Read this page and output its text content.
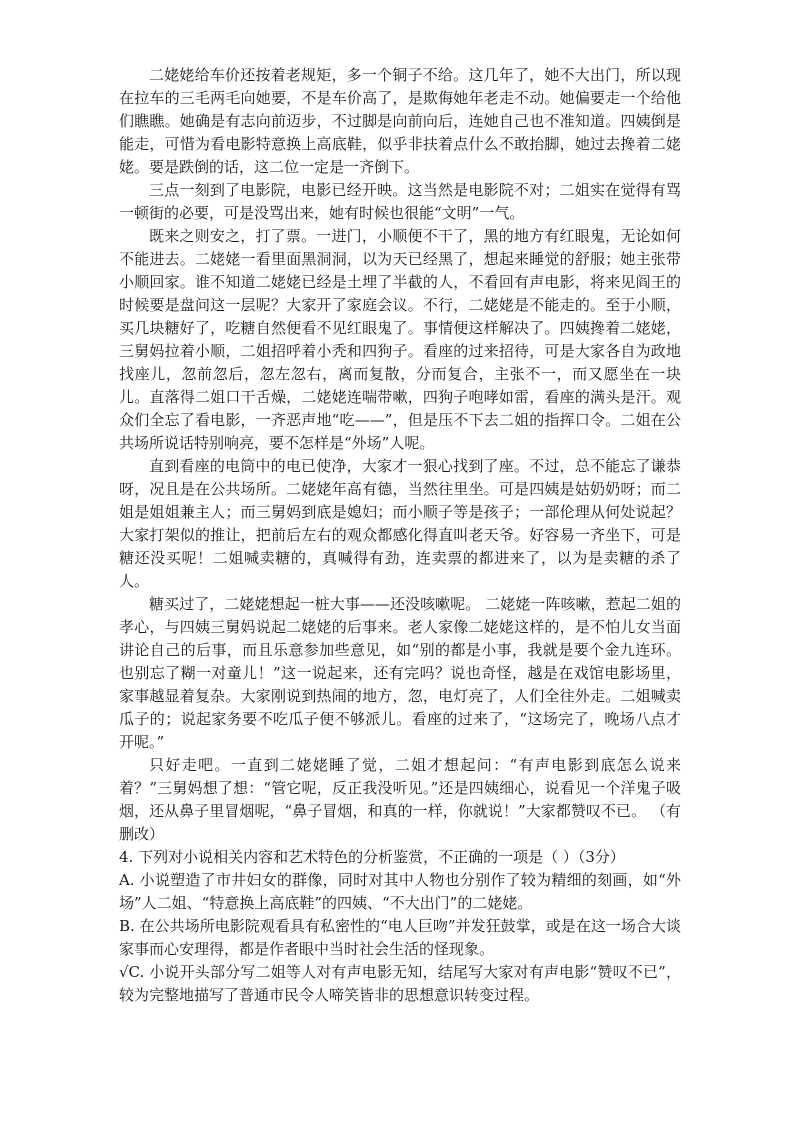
二姥姥给车价还按着老规矩，多一个铜子不给。这几年了，她不大出门，所以现在拉车的三毛两毛向她要，不是车价高了，是欺侮她年老走不动。她偏要走一个给他们瞧瞧。她确是有志向前迈步，不过脚是向前向后，连她自己也不准知道。四姨倒是能走，可惜为看电影特意换上高底鞋，似乎非扶着点什么不敢抬脚，她过去搀着二姥姥。要是跌倒的话，这二位一定是一齐倒下。

三点一刻到了电影院，电影已经开映。这当然是电影院不对；二姐实在觉得有骂一顿街的必要，可是没骂出来，她有时候也很能“文明”一气。

既来之则安之，打了票。一进门，小顺便不干了，黑的地方有红眼鬼，无论如何不能进去。二姥姥一看里面黑洞洞，以为天已经黑了，想起来睡觉的舒服；她主张带小顺回家。谁不知道二姥姥已经是土埋了半截的人，不看回有声电影，将来见阎王的时候要是盘问这一层呢？大家开了家庭会议。不行，二姥姥是不能走的。至于小顺，买几块糖好了，吃糖自然便看不见红眼鬼了。事情便这样解决了。四姨搀着二姥姥，三舅妈拉着小顺，二姐招呼着小秃和四狗子。看座的过来招待，可是大家各自为政地找座儿，忽前忽后，忽左忽右，离而复散，分而复合，主张不一，而又愿坐在一块儿。直落得二姐口干舌燥，二姥姥连喘带嗽，四狗子咆哮如雷，看座的满头是汗。观众们全忘了看电影，一齐恶声地“吃——”，但是压不下去二姐的指挥口令。二姐在公共场所说话特别响亮，要不怎样是“外场”人呢。

直到看座的电筒中的电已使净，大家才一狠心找到了座。不过，总不能忘了谦恭呀，况且是在公共场所。二姥姥年高有德，当然往里坐。可是四姨是姑奶奶呀；而二姐是姐姐兼主人；而三舅妈到底是媳妇；而小顺子等是孩子；一部伦理从何处说起？大家打架似的推让，把前后左右的观众都感化得直叫老天爷。好容易一齐坐下，可是糖还没买呢！二姐喊卖糖的，真喊得有劲，连卖票的都进来了，以为是卖糖的杀了人。

糖买过了，二姥姥想起一桩大事——还没咳嗽呢。 二姥姥一阵咳嗽，惹起二姐的孝心，与四姨三舅妈说起二姥姥的后事来。老人家像二姥姥这样的，是不怕儿女当面讲论自己的后事，而且乐意参加些意见，如“别的都是小事，我就是要个金九连环。也别忘了糊一对童儿！”这一说起来，还有完吗？说也奇怪，越是在戏馆电影场里，家事越显着复杂。大家刚说到热闹的地方，忽，电灯亮了，人们全往外走。二姐喊卖瓜子的；说起家务要不吃瓜子便不够派儿。看座的过来了，“这场完了，晚场八点才开呢。”

只好走吧。一直到二姥姥睡了觉，二姐才想起问：“有声电影到底怎么说来着？”三舅妈想了想：“管它呢，反正我没听见。”还是四姨细心，说看见一个洋鬼子吸烟，还从鼻子里冒烟呢，“鼻子冒烟，和真的一样，你就说！”大家都赞叹不已。 （有删改）

4. 下列对小说相关内容和艺术特色的分析鉴赏，不正确的一项是（ ）（3分）

A. 小说塑造了市井妇女的群像，同时对其中人物也分别作了较为精细的刻画，如“外场”人二姐、“特意换上高底鞋”的四姨、“不大出门”的二姥姥。

B. 在公共场所电影院观看具有私密性的“电人巨吻”并发狂鼓掌，或是在这一场合大谈家事而心安理得，都是作者眼中当时社会生活的怪现象。

√C. 小说开头部分写二姐等人对有声电影无知，结尾写大家对有声电影“赞叹不已”，较为完整地描写了普通市民令人啼笑皆非的思想意识转变过程。
